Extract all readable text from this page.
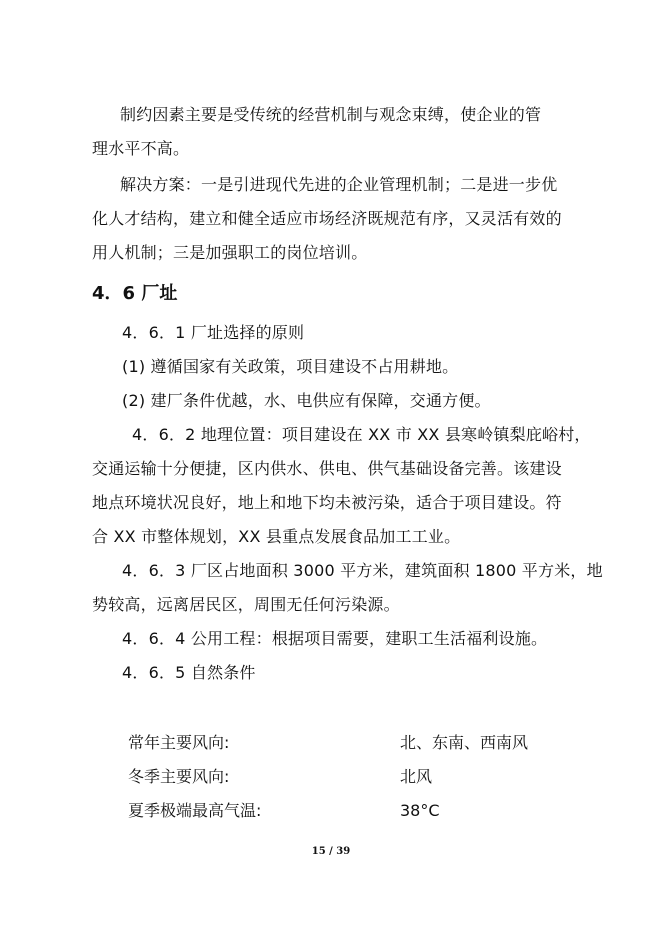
制约因素主要是受传统的经营机制与观念束缚，使企业的管
理水平不高。
解决方案：一是引进现代先进的企业管理机制；二是进一步优
化人才结构，建立和健全适应市场经济既规范有序，又灵活有效的
用人机制；三是加强职工的岗位培训。
4．6 厂址
4．6．1 厂址选择的原则
(1) 遵循国家有关政策，项目建设不占用耕地。
(2) 建厂条件优越，水、电供应有保障，交通方便。
4．6．2 地理位置：项目建设在 XX 市 XX 县寒岭镇梨庇峪村，
交通运输十分便捷，区内供水、供电、供气基础设备完善。该建设
地点环境状况良好，地上和地下均未被污染，适合于项目建设。符
合 XX 市整体规划，XX 县重点发展食品加工工业。
4．6．3 厂区占地面积 3000 平方米，建筑面积 1800 平方米，地
势较高，远离居民区，周围无任何污染源。
4．6．4 公用工程：根据项目需要，建职工生活福利设施。
4．6．5 自然条件
常年主要风向:	北、东南、西南风
冬季主要风向:	北风
夏季极端最高气温:	38°C
15 / 39
